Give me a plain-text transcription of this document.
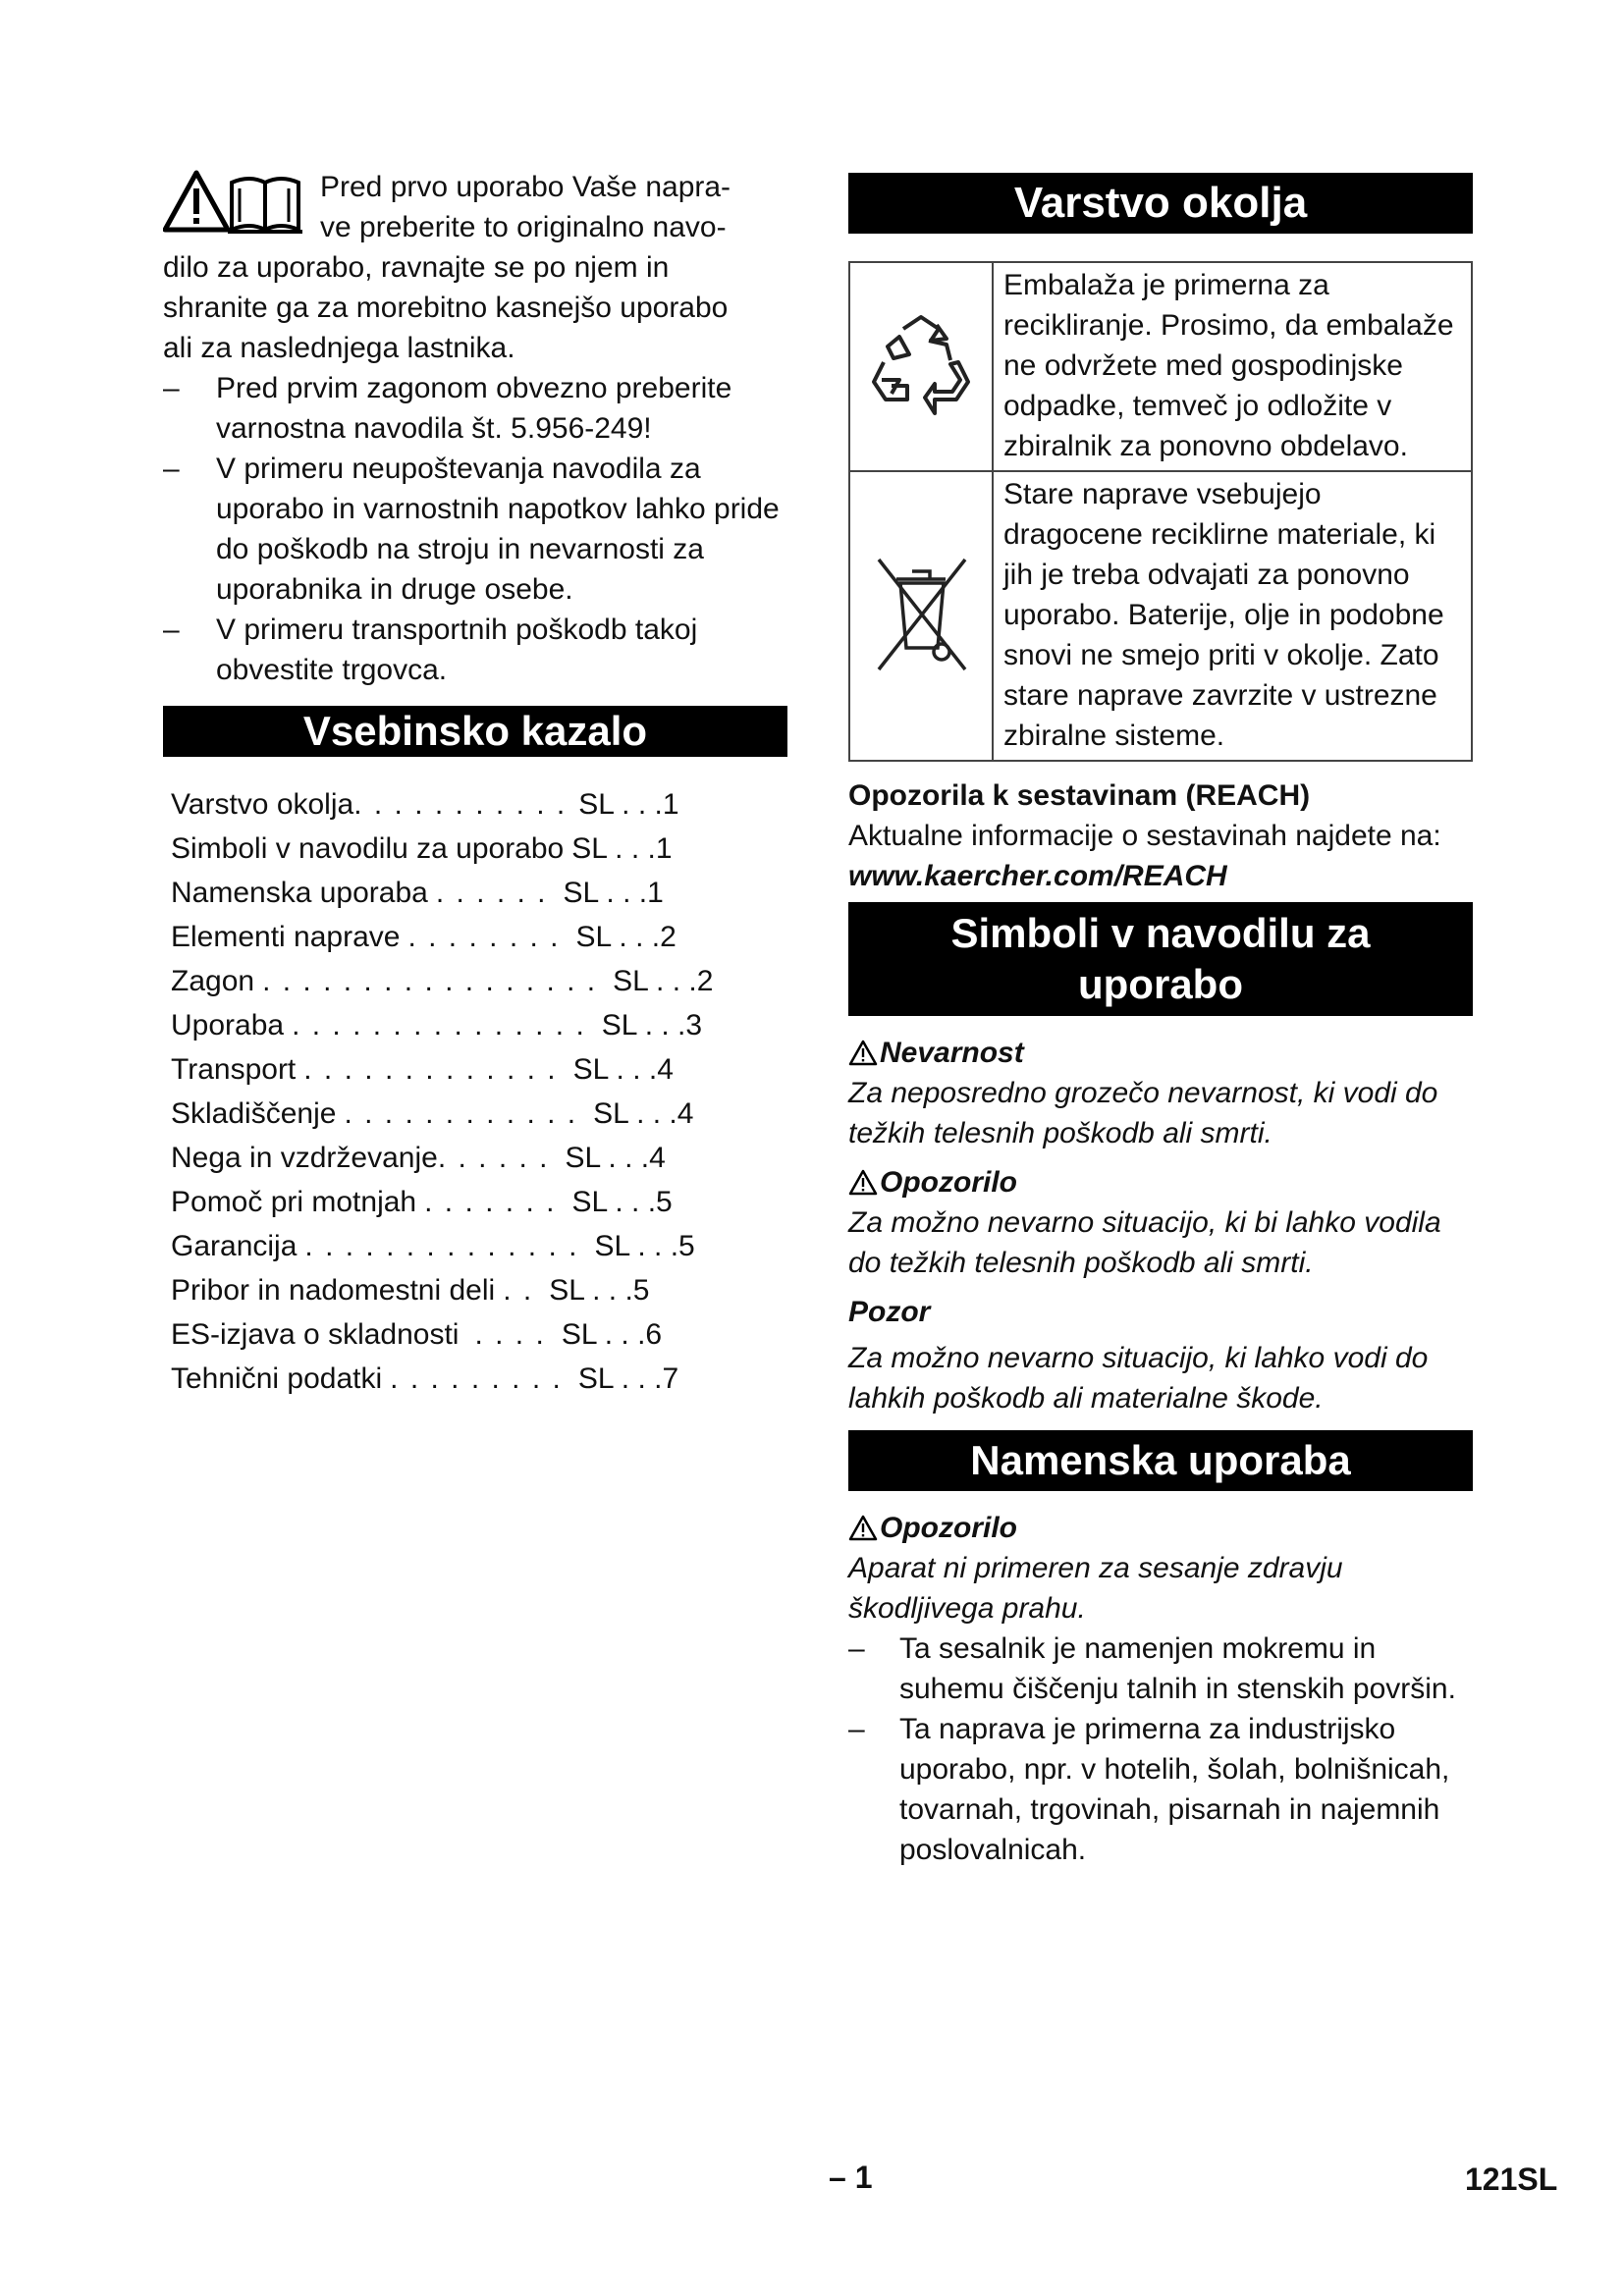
Pred prvo uporabo Vaše napra-

ve preberite to originalno navo-

dilo za uporabo, ravnajte se po njem in

shranite ga za morebitno kasnejšo uporabo

ali za naslednjega lastnika.

– Pred prvim zagonom obvezno preberite varnostna navodila št. 5.956-249!
– V primeru neupoštevanja navodila za uporabo in varnostnih napotkov lahko pride do poškodb na stroju in nevarnosti za uporabnika in druge osebe.
– V primeru transportnih poškodb takoj obvestite trgovca.
Vsebinsko kazalo
Varstvo okolja . . . . . . . . . . . SL . . .1
Simboli v navodilu za uporabo SL . . .1
Namenska uporaba . . . . . . SL . . .1
Elementi naprave . . . . . . . . SL . . .2
Zagon . . . . . . . . . . . . . . . . . SL . . .2
Uporaba . . . . . . . . . . . . . . . SL . . .3
Transport . . . . . . . . . . . . . SL . . .4
Skladiščenje . . . . . . . . . . . . SL . . .4
Nega in vzdrževanje . . . . . . SL . . .4
Pomoč pri motnjah . . . . . . . SL . . .5
Garancija . . . . . . . . . . . . . . SL . . .5
Pribor in nadomestni deli . . SL . . .5
ES-izjava o skladnosti . . . . SL . . .6
Tehnični podatki . . . . . . . . . SL . . .7
Varstvo okolja
	Embalaža je primerna za recikliranje. Prosimo, da embalaže ne odvržete med gospodinjske odpadke, temveč jo odložite v zbiralnik za ponovno obdelavo.
	Stare naprave vsebujejo dragocene reciklirne materiale, ki jih je treba odvajati za ponovno uporabo. Baterije, olje in podobne snovi ne smejo priti v okolje. Zato stare naprave zavrzite v ustrezne zbiralne sisteme.

Opozorila k sestavinam (REACH)

Aktualne informacije o sestavinah najdete na:

www.kaercher.com/REACH

Simboli v navodilu za
uporabo
Nevarnost

Za neposredno grozečo nevarnost, ki vodi do težkih telesnih poškodb ali smrti.

Opozorilo

Za možno nevarno situacijo, ki bi lahko vodila do težkih telesnih poškodb ali smrti.

Pozor

Za možno nevarno situacijo, ki lahko vodi do lahkih poškodb ali materialne škode.

Namenska uporaba
Opozorilo

Aparat ni primeren za sesanje zdravju škodljivega prahu.

– Ta sesalnik je namenjen mokremu in suhemu čiščenju talnih in stenskih površin.
– Ta naprava je primerna za industrijsko uporabo, npr. v hotelih, šolah, bolnišnicah, tovarnah, trgovinah, pisarnah in najemnih poslovalnicah.
– 1	121SL
